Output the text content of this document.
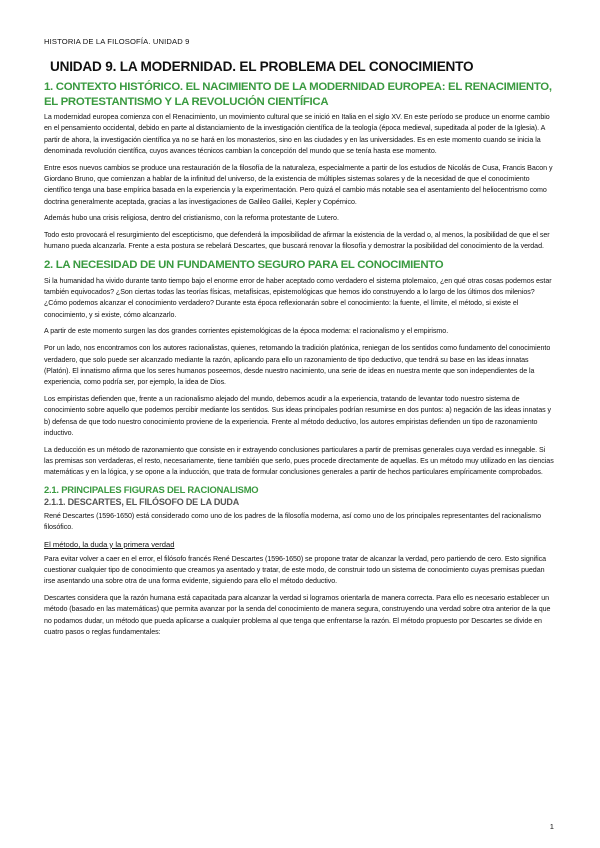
HISTORIA DE LA FILOSOFÍA. UNIDAD 9
UNIDAD 9. LA MODERNIDAD. EL PROBLEMA DEL CONOCIMIENTO
1. CONTEXTO HISTÓRICO. EL NACIMIENTO DE LA MODERNIDAD EUROPEA: EL RENACIMIENTO, EL PROTESTANTISMO Y LA REVOLUCIÓN CIENTÍFICA

La modernidad europea comienza con el Renacimiento, un movimiento cultural que se inició en Italia en el siglo XV. En este período se produce un enorme cambio en el pensamiento occidental, debido en parte al distanciamiento de la investigación científica de la teología (época medieval, supeditada al poder de la Iglesia). A partir de ahora, la investigación científica ya no se hará en los monasterios, sino en las ciudades y en las universidades. Es en este momento cuando se inicia la denominada revolución científica, cuyos avances técnicos cambian la concepción del mundo que se tenía hasta ese momento.

Entre esos nuevos cambios se produce una restauración de la filosofía de la naturaleza, especialmente a partir de los estudios de Nicolás de Cusa, Francis Bacon y Giordano Bruno, que comienzan a hablar de la infinitud del universo, de la existencia de múltiples sistemas solares y de la necesidad de que el conocimiento científico tenga una base empírica basada en la experiencia y la experimentación. Pero quizá el cambio más notable sea el asentamiento del heliocentrismo como doctrina generalmente aceptada, gracias a las investigaciones de Galileo Galilei, Kepler y Copérnico.

Además hubo una crisis religiosa, dentro del cristianismo, con la reforma protestante de Lutero.

Todo esto provocará el resurgimiento del escepticismo, que defenderá la imposibilidad de afirmar la existencia de la verdad o, al menos, la posibilidad de que el ser humano pueda alcanzarla. Frente a esta postura se rebelará Descartes, que buscará renovar la filosofía y demostrar la posibilidad del conocimiento de la verdad.

2. LA NECESIDAD DE UN FUNDAMENTO SEGURO PARA EL CONOCIMIENTO

Si la humanidad ha vivido durante tanto tiempo bajo el enorme error de haber aceptado como verdadero el sistema ptolemaico, ¿en qué otras cosas podemos estar también equivocados? ¿Son ciertas todas las teorías físicas, metafísicas, epistemológicas que hemos ido construyendo a lo largo de los últimos dos milenios? ¿Cómo podemos alcanzar el conocimiento verdadero? Durante esta época reflexionarán sobre el conocimiento: la fuente, el límite, el método, si existe el conocimiento, y si existe, cómo alcanzarlo.

A partir de este momento surgen las dos grandes corrientes epistemológicas de la época moderna: el racionalismo y el empirismo.

Por un lado, nos encontramos con los autores racionalistas, quienes, retomando la tradición platónica, reniegan de los sentidos como fundamento del conocimiento verdadero, que solo puede ser alcanzado mediante la razón, aplicando para ello un razonamiento de tipo deductivo, que tendrá su base en las ideas innatas (Platón). El innatismo afirma que los seres humanos poseemos, desde nuestro nacimiento, una serie de ideas en nuestra mente que son independientes de la experiencia, como podría ser, por ejemplo, la idea de Dios.

Los empiristas defienden que, frente a un racionalismo alejado del mundo, debemos acudir a la experiencia, tratando de levantar todo nuestro sistema de conocimiento sobre aquello que podemos percibir mediante los sentidos. Sus ideas principales podrían resumirse en dos puntos: a) negación de las ideas innatas y b) defensa de que todo nuestro conocimiento proviene de la experiencia. Frente al método deductivo, los autores empiristas defienden un tipo de razonamiento inductivo.

La deducción es un método de razonamiento que consiste en ir extrayendo conclusiones particulares a partir de premisas generales cuya verdad es innegable. Si las premisas son verdaderas, el resto, necesariamente, tiene también que serlo, pues procede directamente de aquellas. Es un método muy utilizado en las ciencias matemáticas y en la lógica, y se opone a la inducción, que trata de formular conclusiones generales a partir de hechos particulares empíricamente comprobados.

2.1. PRINCIPALES FIGURAS DEL RACIONALISMO
2.1.1. DESCARTES, EL FILÓSOFO DE LA DUDA

René Descartes (1596-1650) está considerado como uno de los padres de la filosofía moderna, así como uno de los principales representantes del racionalismo filosófico.

El método, la duda y la primera verdad

Para evitar volver a caer en el error, el filósofo francés René Descartes (1596-1650) se propone tratar de alcanzar la verdad, pero partiendo de cero. Esto significa cuestionar cualquier tipo de conocimiento que creamos ya asentado y tratar, de este modo, de construir todo un sistema de conocimiento cuyas premisas puedan irse asentando una sobre otra de una forma evidente, siguiendo para ello el método deductivo.

Descartes considera que la razón humana está capacitada para alcanzar la verdad si logramos orientarla de manera correcta. Para ello es necesario establecer un método (basado en las matemáticas) que permita avanzar por la senda del conocimiento de manera segura, construyendo una verdad sobre otra anterior de la que no podamos dudar, un método que pueda aplicarse a cualquier problema al que tenga que enfrentarse la razón. El método propuesto por Descartes se divide en cuatro pasos o reglas fundamentales:

1
